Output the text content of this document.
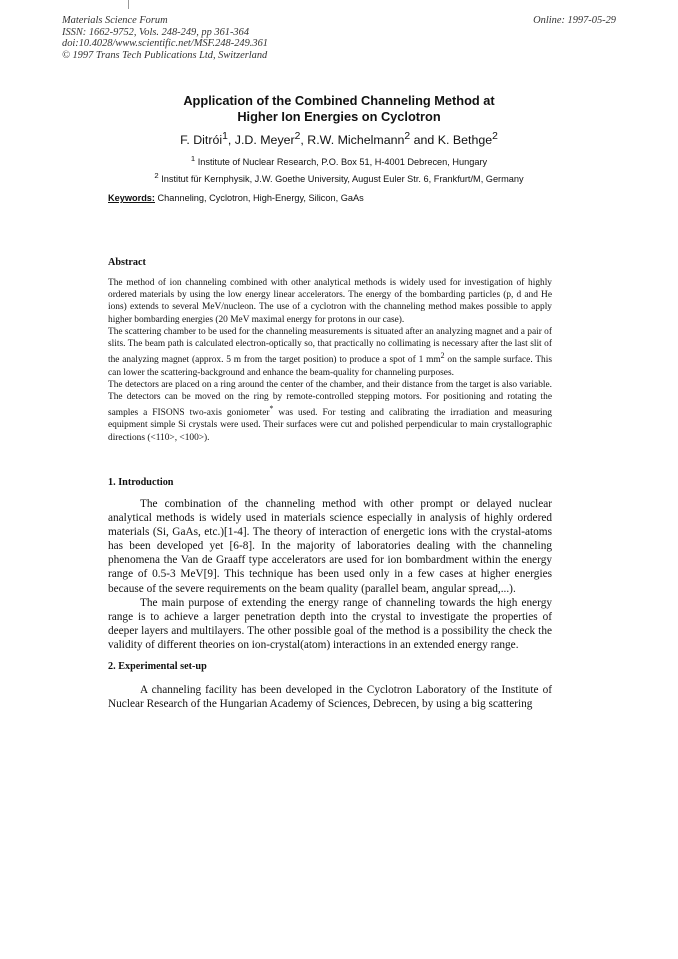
Materials Science Forum
ISSN: 1662-9752, Vols. 248-249, pp 361-364
doi:10.4028/www.scientific.net/MSF.248-249.361
© 1997 Trans Tech Publications Ltd, Switzerland
Online: 1997-05-29
Application of the Combined Channeling Method at
Higher Ion Energies on Cyclotron
F. Ditrói$^1$, J.D. Meyer$^2$, R.W. Michelmann$^2$ and K. Bethge$^2$
$^1$ Institute of Nuclear Research, P.O. Box 51, H-4001 Debrecen, Hungary
$^2$ Institut für Kernphysik, J.W. Goethe University, August Euler Str. 6, Frankfurt/M, Germany
Keywords: Channeling, Cyclotron, High-Energy, Silicon, GaAs
Abstract

The method of ion channeling combined with other analytical methods is widely used for investigation of highly ordered materials by using the low energy linear accelerators. The energy of the bombarding particles (p, d and He ions) extends to several MeV/nucleon. The use of a cyclotron with the channeling method makes possible to apply higher bombarding energies (20 MeV maximal energy for protons in our case).

The scattering chamber to be used for the channeling measurements is situated after an analyzing magnet and a pair of slits. The beam path is calculated electron-optically so, that practically no collimating is necessary after the last slit of the analyzing magnet (approx. 5 m from the target position) to produce a spot of 1 $mm^2$ on the sample surface. This can lower the scattering-background and enhance the beam-quality for channeling purposes.

The detectors are placed on a ring around the center of the chamber, and their distance from the target is also variable. The detectors can be moved on the ring by remote-controlled stepping motors. For positioning and rotating the samples a FISONS two-axis goniometer* was used. For testing and calibrating the irradiation and measuring equipment simple Si crystals were used. Their surfaces were cut and polished perpendicular to main crystallographic directions (<110>, <100>).

1. Introduction

The combination of the channeling method with other prompt or delayed nuclear analytical methods is widely used in materials science especially in analysis of highly ordered materials (Si, GaAs, etc.)[1-4]. The theory of interaction of energetic ions with the crystal-atoms has been developed yet [6-8]. In the majority of laboratories dealing with the channeling phenomena the Van de Graaff type accelerators are used for ion bombardment within the energy range of 0.5-3 MeV[9]. This technique has been used only in a few cases at higher energies because of the severe requirements on the beam quality (parallel beam, angular spread,...).

The main purpose of extending the energy range of channeling towards the high energy range is to achieve a larger penetration depth into the crystal to investigate the properties of deeper layers and multilayers. The other possible goal of the method is a possibility the check the validity of different theories on ion-crystal(atom) interactions in an extended energy range.

2. Experimental set-up

A channeling facility has been developed in the Cyclotron Laboratory of the Institute of Nuclear Research of the Hungarian Academy of Sciences, Debrecen, by using a big scattering
